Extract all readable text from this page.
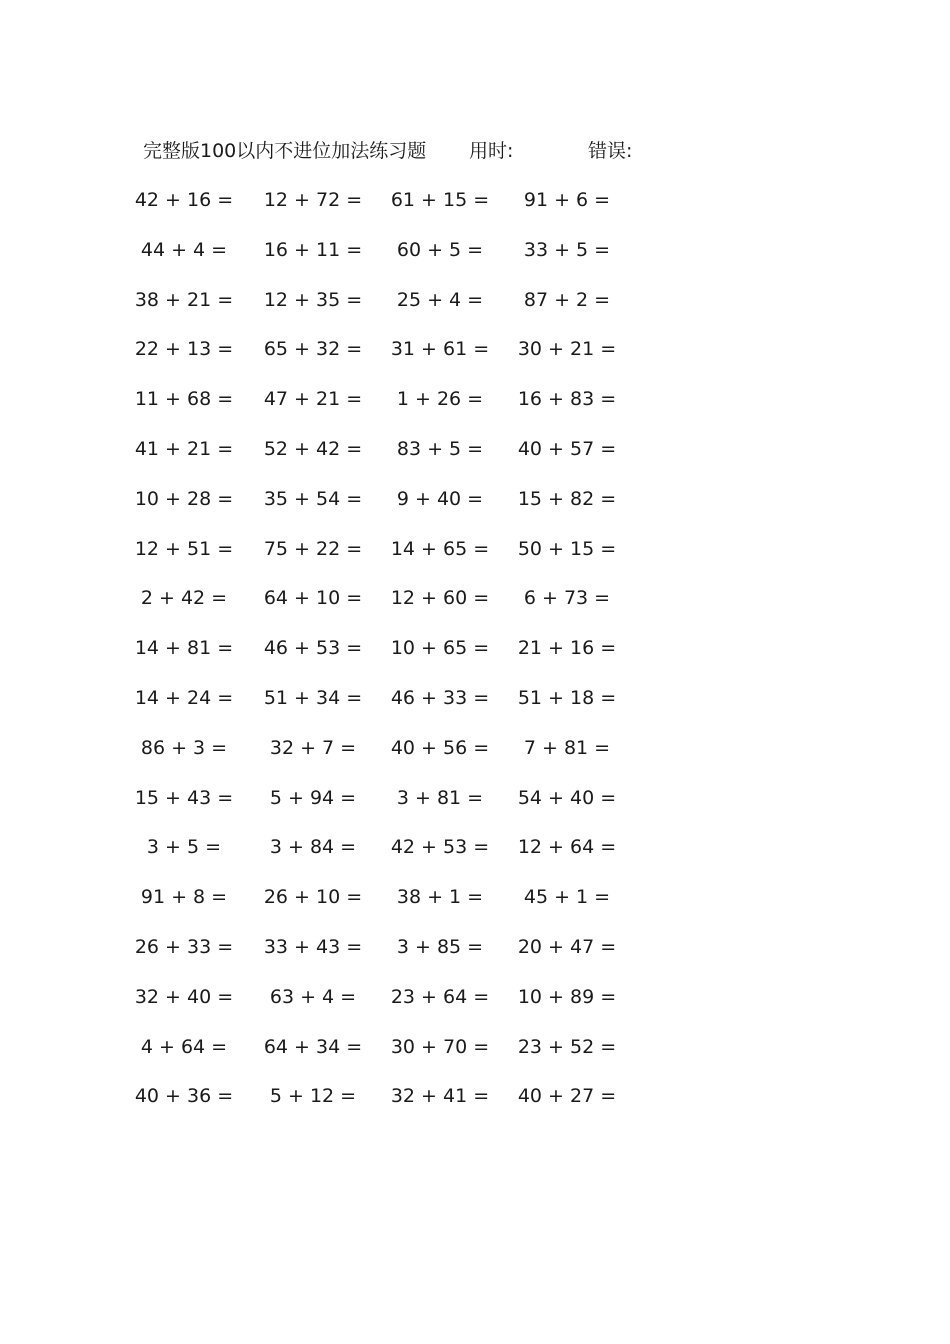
完整版100以内不进位加法练习题 用时:	错误:
42 + 16 = 12 + 72 = 61 + 15 =	91 + 6 =
44 + 4 =	16 + 11 =	60 + 5 =	33 + 5 =
38 + 21 = 12 + 35 =	25 + 4 =	87 + 2 =
22 + 13 = 65 + 32 = 31 + 61 = 30 + 21 =
11 + 68 = 47 + 21 =	1 + 26 =	16 + 83 =
41 + 21 = 52 + 42 =	83 + 5 =	40 + 57 =
10 + 28 = 35 + 54 =	9 + 40 =	15 + 82 =
12 + 51 = 75 + 22 = 14 + 65 = 50 + 15 =
2 + 42 =	64 + 10 = 12 + 60 =	6 + 73 =
14 + 81 = 46 + 53 = 10 + 65 = 21 + 16 =
14 + 24 = 51 + 34 = 46 + 33 = 51 + 18 =
86 + 3 =	32 + 7 =	40 + 56 =	7 + 81 =
15 + 43 =	5 + 94 =	3 + 81 =	54 + 40 =
3 + 5 =	3 + 84 =	42 + 53 = 12 + 64 =
91 + 8 =	26 + 10 =	38 + 1 =	45 + 1 =
26 + 33 = 33 + 43 =	3 + 85 =	20 + 47 =
32 + 40 =	63 + 4 =	23 + 64 = 10 + 89 =
4 + 64 =	64 + 34 = 30 + 70 = 23 + 52 =
40 + 36 =	5 + 12 =	32 + 41 = 40 + 27 =
